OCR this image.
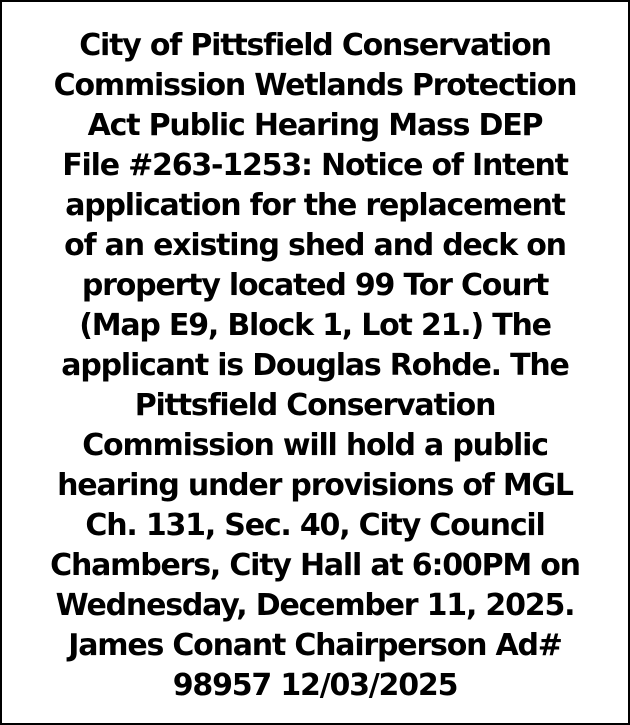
City of Pittsfield Conservation
Commission Wetlands Protection
Act Public Hearing Mass DEP
File #263-1253: Notice of Intent
application for the replacement
of an existing shed and deck on
property located 99 Tor Court
(Map E9, Block 1, Lot 21.) The
applicant is Douglas Rohde. The
Pittsfield Conservation
Commission will hold a public
hearing under provisions of MGL
Ch. 131, Sec. 40, City Council
Chambers, City Hall at 6:00PM on
Wednesday, December 11, 2025.
James Conant Chairperson Ad#
98957 12/03/2025
